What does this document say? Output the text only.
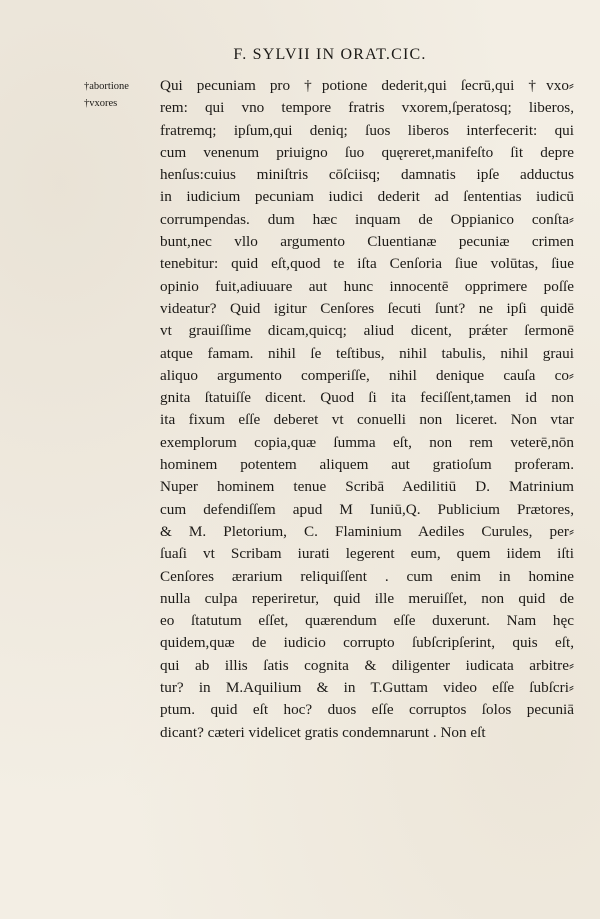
F. SYLVII IN ORAT.CIC.
†abortione
†vxores
Qui pecuniam pro †potione dederit,qui ſecrū,qui †vxo⸗
rem: qui vno tempore fratris vxorem,ſperatosq; liberos,
fratremq; ipſum,qui deniq; ſuos liberos interfecerit: qui
cum venenum priuigno ſuo quęreret,manifeſto ſit depre
henſus:cuius miniſtris cōſciisq; damnatis ipſe adductus
in iudicium pecuniam iudici dederit ad ſententias iudicū
corrumpendas. dum hæc inquam de Oppianico conſta⸗
bunt,nec vllo argumento Cluentianæ pecuniæ crimen
tenebitur: quid eſt,quod te iſta Cenſoria ſiue volūtas, ſiue
opinio fuit,adiuuare aut hunc innocentē opprimere poſſe
videatur? Quid igitur Cenſores ſecuti ſunt? ne ipſi quidē
vt grauiſſime dicam,quicq; aliud dicent, prǽter ſermonē
atque famam. nihil ſe teſtibus, nihil tabulis, nihil graui
aliquo argumento comperiſſe, nihil denique cauſa co⸗
gnita ſtatuiſſe dicent. Quod ſi ita feciſſent,tamen id non
ita fixum eſſe deberet vt conuelli non liceret. Non vtar
exemplorum copia,quæ ſumma eſt, non rem veterē,nōn
hominem potentem aliquem aut gratioſum proferam.
Nuper hominem tenue Scribā Aedilitiū D. Matrinium
cum defendiſſem apud M Iuniū,Q. Publicium Prætores,
& M. Pletorium, C. Flaminium Aediles Curules, per⸗
ſuaſi vt Scribam iurati legerent eum, quem iidem iſti
Cenſores ærarium reliquiſſent . cum enim in homine
nulla culpa reperiretur, quid ille meruiſſet, non quid de
eo ſtatutum eſſet, quærendum eſſe duxerunt. Nam hęc
quidem,quæ de iudicio corrupto ſubſcripſerint, quis eſt,
qui ab illis ſatis cognita & diligenter iudicata arbitre⸗
tur? in M.Aquilium & in T.Guttam video eſſe ſubſcri⸗
ptum. quid eſt hoc? duos eſſe corruptos ſolos pecuniā
dicant? cæteri videlicet gratis condemnarunt . Non eſt
